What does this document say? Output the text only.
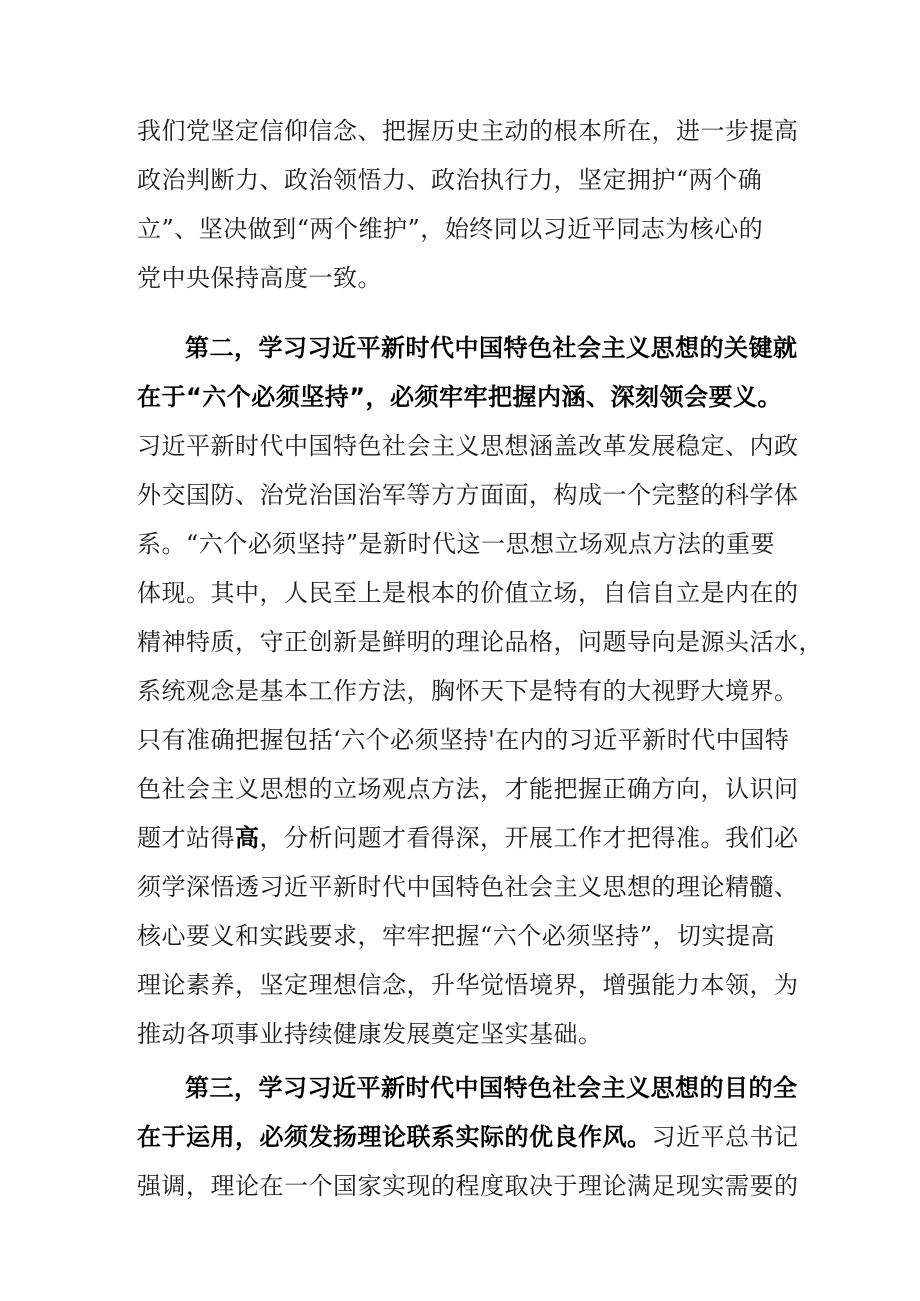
我们党坚定信仰信念、把握历史主动的根本所在，进一步提高
政治判断力、政治领悟力、政治执行力，坚定拥护“两个确
立”、坚决做到“两个维护”，始终同以习近平同志为核心的
党中央保持高度一致。
第二，学习习近平新时代中国特色社会主义思想的关键就
在于“六个必须坚持”，必须牢牢把握内涵、深刻领会要义。
习近平新时代中国特色社会主义思想涵盖改革发展稳定、内政
外交国防、治党治国治军等方方面面，构成一个完整的科学体
系。“六个必须坚持”是新时代这一思想立场观点方法的重要
体现。其中，人民至上是根本的价值立场，自信自立是内在的
精神特质，守正创新是鲜明的理论品格，问题导向是源头活水，
系统观念是基本工作方法，胸怀天下是特有的大视野大境界。
只有准确把握包括‘六个必须坚持'在内的习近平新时代中国特
色社会主义思想的立场观点方法，才能把握正确方向，认识问
题才站得高，分析问题才看得深，开展工作才把得准。我们必
须学深悟透习近平新时代中国特色社会主义思想的理论精髓、
核心要义和实践要求，牢牢把握“六个必须坚持”，切实提高
理论素养，坚定理想信念，升华觉悟境界，增强能力本领，为
推动各项事业持续健康发展奠定坚实基础。
第三，学习习近平新时代中国特色社会主义思想的目的全
在于运用，必须发扬理论联系实际的优良作风。习近平总书记
强调，理论在一个国家实现的程度取决于理论满足现实需要的
